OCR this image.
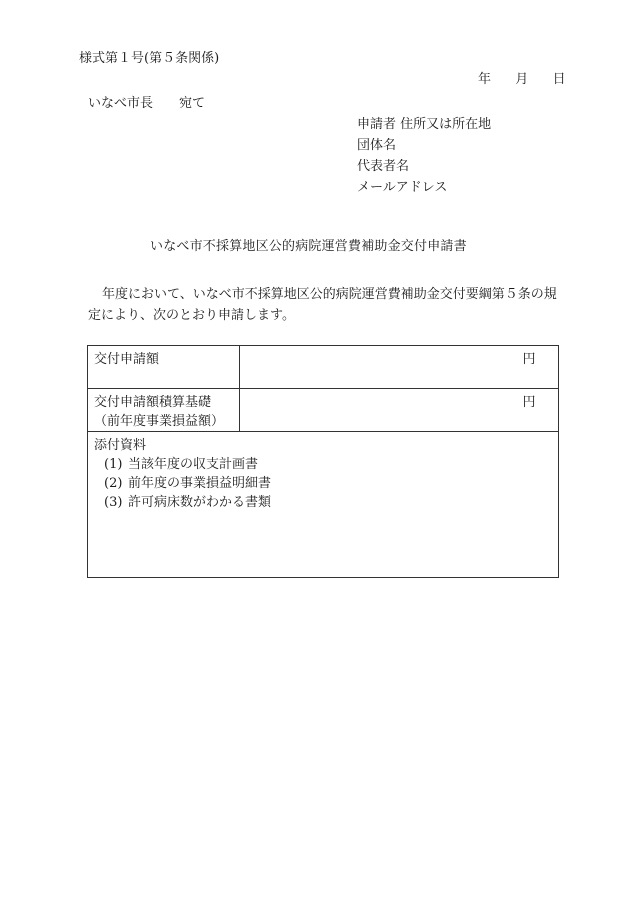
様式第１号(第５条関係)
年 月 日
いなべ市長 宛て
申請者 住所又は所在地
団体名
代表者名
メールアドレス
いなべ市不採算地区公的病院運営費補助金交付申請書
年度において、いなべ市不採算地区公的病院運営費補助金交付要綱第５条の規定により、次のとおり申請します。
交付申請額	円

交付申請額積算基礎
（前年度事業損益額）	円

添付資料
(1) 当該年度の収支計画書
(2) 前年度の事業損益明細書
(3) 許可病床数がわかる書類	
